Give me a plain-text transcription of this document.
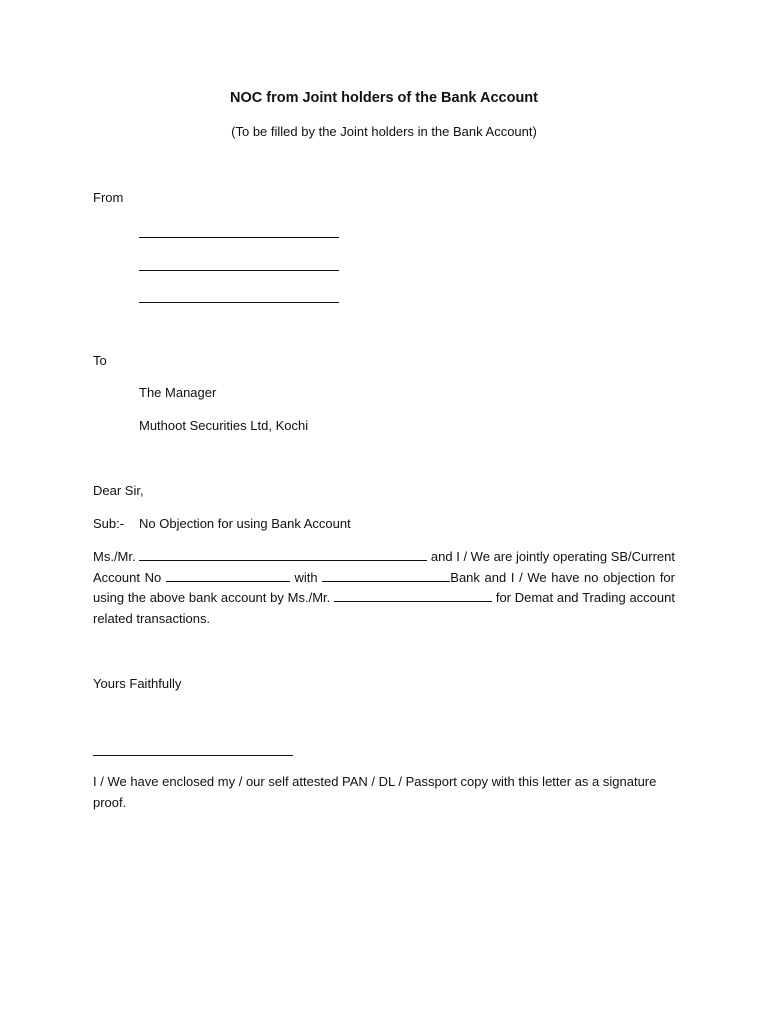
NOC from Joint holders of the Bank Account
(To be filled by the Joint holders in the Bank Account)
From
To
The Manager
Muthoot Securities Ltd, Kochi
Dear Sir,
Sub:- No Objection for using Bank Account
Ms./Mr.	and I / We are jointly operating SB/Current Account No	with	Bank and I / We have no objection for using the above bank account by Ms./Mr.	for Demat and Trading account related transactions.
Yours Faithfully
I / We have enclosed my / our self attested PAN / DL / Passport copy with this letter as a signature proof.
